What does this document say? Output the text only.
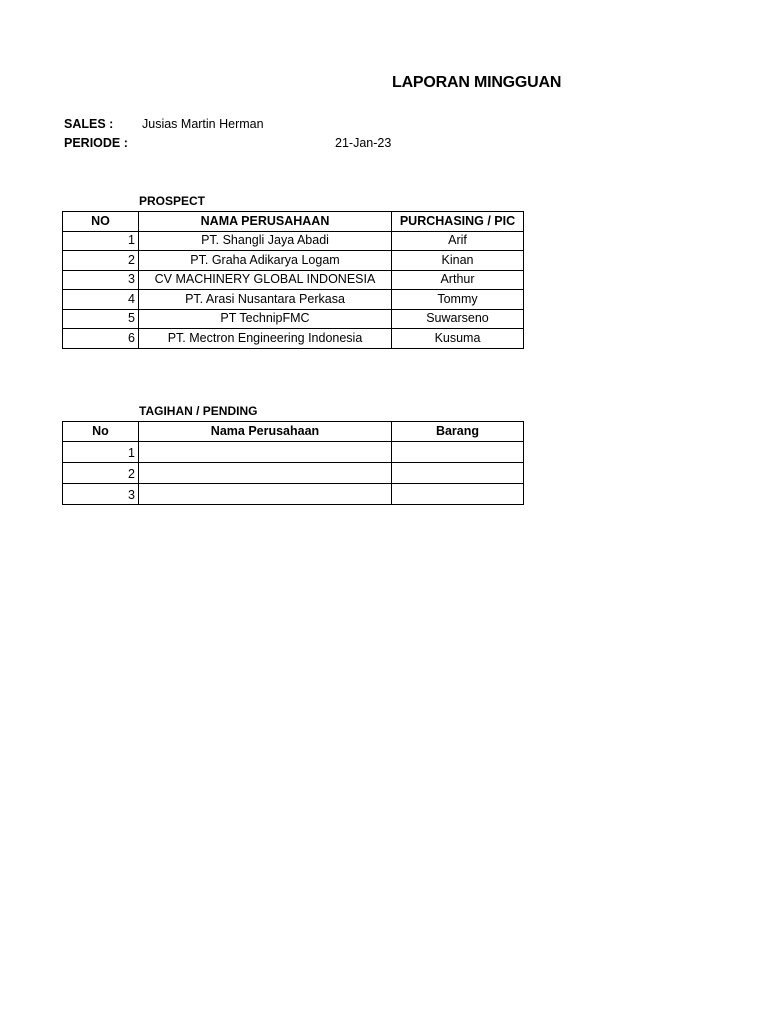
LAPORAN MINGGUAN
SALES : Jusias Martin Herman
PERIODE :	21-Jan-23
PROSPECT
NO	NAMA PERUSAHAAN	PURCHASING / PIC
1	PT. Shangli Jaya Abadi	Arif
2	PT. Graha Adikarya Logam	Kinan
3	CV MACHINERY GLOBAL INDONESIA	Arthur
4	PT. Arasi Nusantara Perkasa	Tommy
5	PT TechnipFMC	Suwarseno
6	PT. Mectron Engineering Indonesia	Kusuma
TAGIHAN / PENDING
No	Nama Perusahaan	Barang
1		
2		
3		
